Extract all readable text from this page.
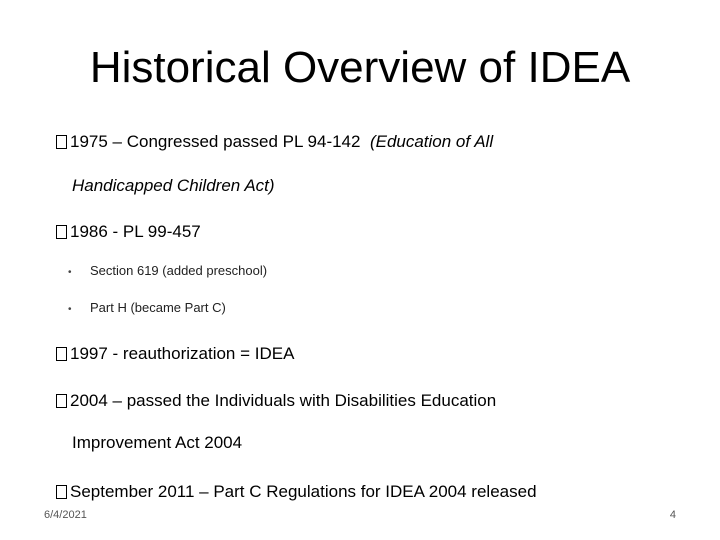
Historical Overview of IDEA
1975 – Congressed passed PL 94-142 (Education of All
Handicapped Children Act)
1986 - PL 99-457
• Section 619 (added preschool)
• Part H (became Part C)
1997 - reauthorization = IDEA
2004 – passed the Individuals with Disabilities Education
Improvement Act 2004
September 2011 – Part C Regulations for IDEA 2004 released
6/4/2021	4
